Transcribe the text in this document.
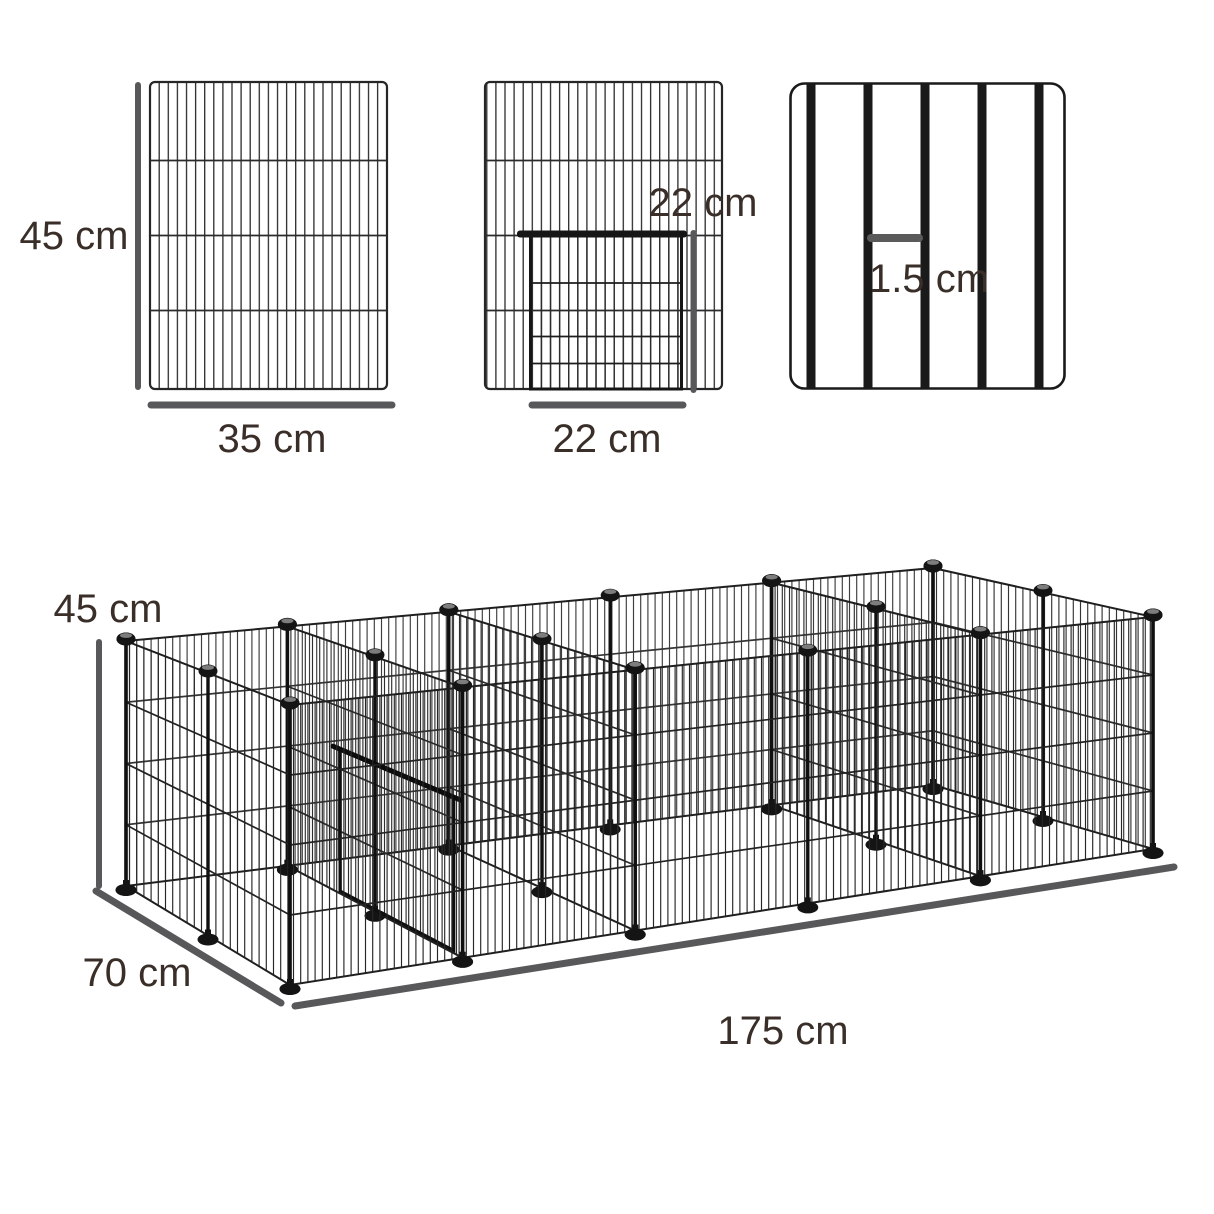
45 cm
35 cm
22 cm
22 cm
1.5 cm
45 cm
70 cm
175 cm
